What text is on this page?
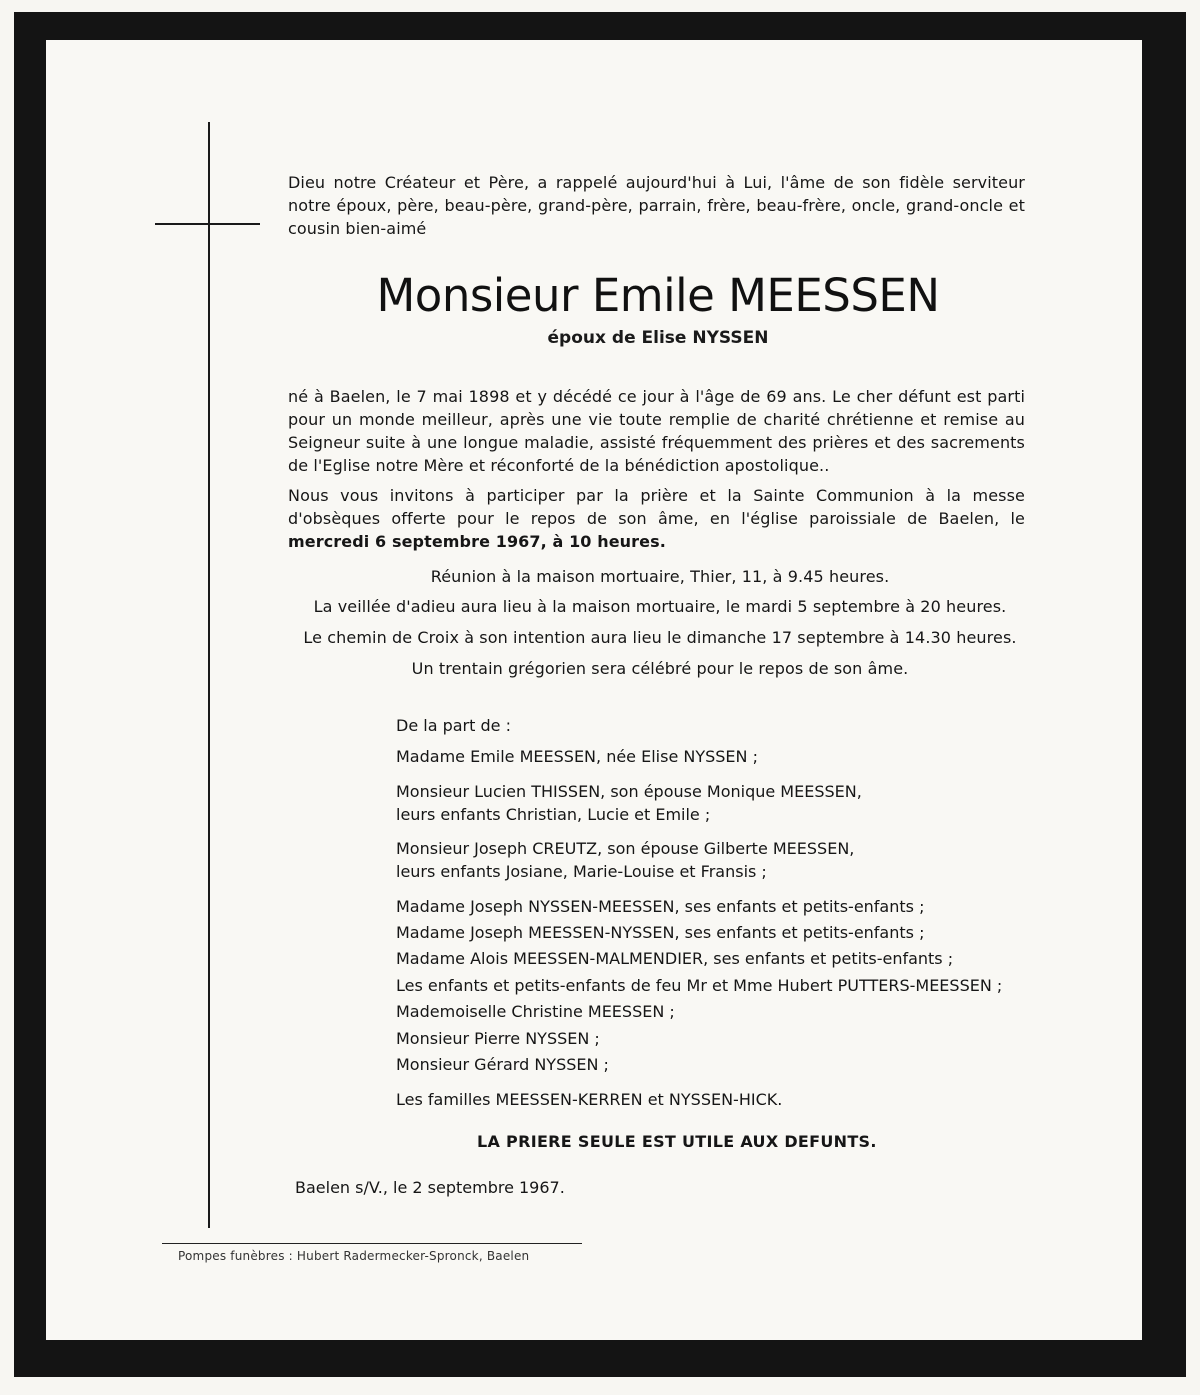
Dieu notre Créateur et Père, a rappelé aujourd'hui à Lui, l'âme de son fidèle serviteur notre époux, père, beau-père, grand-père, parrain, frère, beau-frère, oncle, grand-oncle et cousin bien-aimé
Monsieur Emile MEESSEN
époux de Elise NYSSEN
né à Baelen, le 7 mai 1898 et y décédé ce jour à l'âge de 69 ans. Le cher défunt est parti pour un monde meilleur, après une vie toute remplie de charité chrétienne et remise au Seigneur suite à une longue maladie, assisté fréquemment des prières et des sacrements de l'Eglise notre Mère et réconforté de la bénédiction apostolique..
Nous vous invitons à participer par la prière et la Sainte Communion à la messe d'obsèques offerte pour le repos de son âme, en l'église paroissiale de Baelen, le mercredi 6 septembre 1967, à 10 heures.
Réunion à la maison mortuaire, Thier, 11, à 9.45 heures.
La veillée d'adieu aura lieu à la maison mortuaire, le mardi 5 septembre à 20 heures.
Le chemin de Croix à son intention aura lieu le dimanche 17 septembre à 14.30 heures.
Un trentain grégorien sera célébré pour le repos de son âme.
De la part de :
Madame Emile MEESSEN, née Elise NYSSEN ;
Monsieur Lucien THISSEN, son épouse Monique MEESSEN,
leurs enfants Christian, Lucie et Emile ;
Monsieur Joseph CREUTZ, son épouse Gilberte MEESSEN,
leurs enfants Josiane, Marie-Louise et Fransis ;
Madame Joseph NYSSEN-MEESSEN, ses enfants et petits-enfants ;
Madame Joseph MEESSEN-NYSSEN, ses enfants et petits-enfants ;
Madame Alois MEESSEN-MALMENDIER, ses enfants et petits-enfants ;
Les enfants et petits-enfants de feu Mr et Mme Hubert PUTTERS-MEESSEN ;
Mademoiselle Christine MEESSEN ;
Monsieur Pierre NYSSEN ;
Monsieur Gérard NYSSEN ;
Les familles MEESSEN-KERREN et NYSSEN-HICK.
LA PRIERE SEULE EST UTILE AUX DEFUNTS.
Baelen s/V., le 2 septembre 1967.
Pompes funèbres : Hubert Radermecker-Spronck, Baelen
